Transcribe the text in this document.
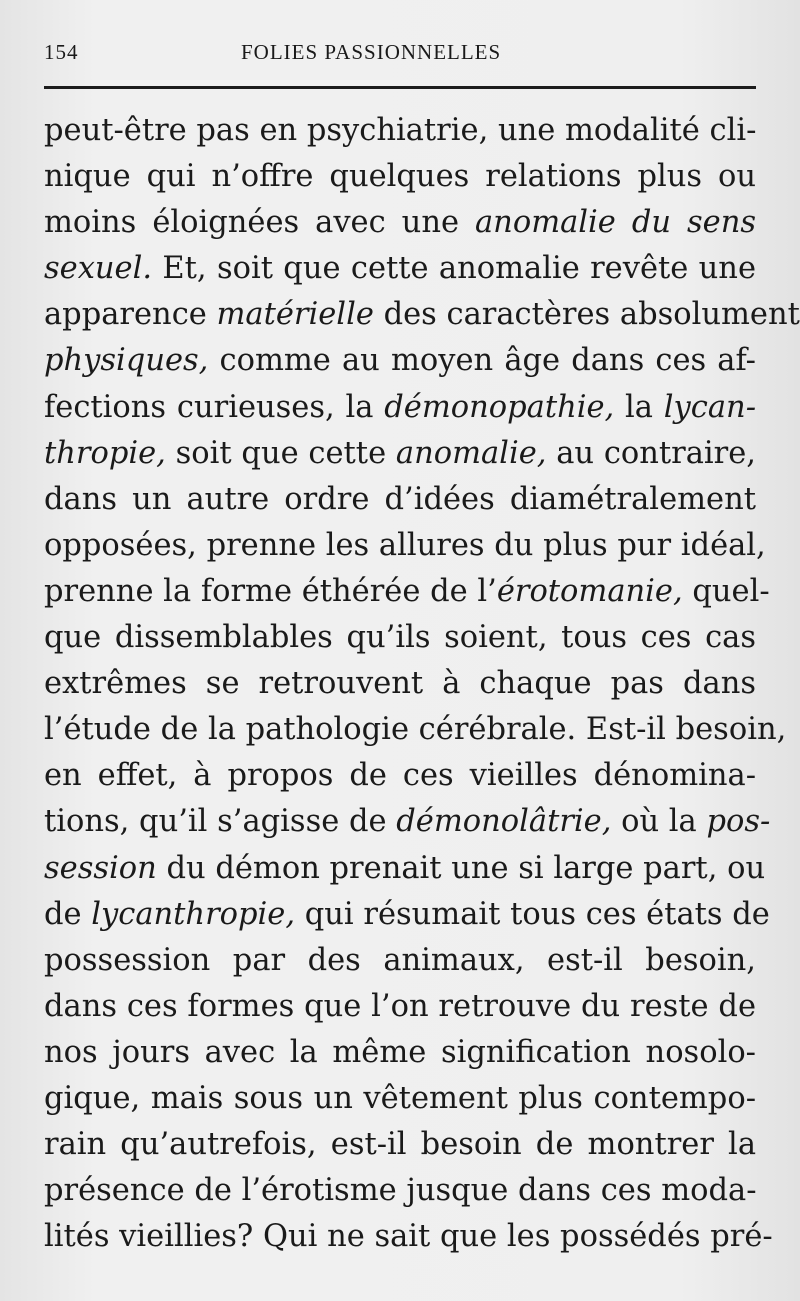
154	FOLIES PASSIONNELLES
peut-être pas en psychiatrie, une modalité cli-
nique qui n’offre quelques relations plus ou
moins éloignées avec une anomalie du sens
sexuel. Et, soit que cette anomalie revête une
apparence matérielle des caractères absolument
physiques, comme au moyen âge dans ces af-
fections curieuses, la démonopathie, la lycan-
thropie, soit que cette anomalie, au contraire,
dans un autre ordre d’idées diamétralement
opposées, prenne les allures du plus pur idéal,
prenne la forme éthérée de l’érotomanie, quel-
que dissemblables qu’ils soient, tous ces cas
extrêmes se retrouvent à chaque pas dans
l’étude de la pathologie cérébrale. Est-il besoin,
en effet, à propos de ces vieilles dénomina-
tions, qu’il s’agisse de démonolâtrie, où la pos-
session du démon prenait une si large part, ou
de lycanthropie, qui résumait tous ces états de
possession par des animaux, est-il besoin,
dans ces formes que l’on retrouve du reste de
nos jours avec la même signification nosolo-
gique, mais sous un vêtement plus contempo-
rain qu’autrefois, est-il besoin de montrer la
présence de l’érotisme jusque dans ces moda-
lités vieillies? Qui ne sait que les possédés pré-
